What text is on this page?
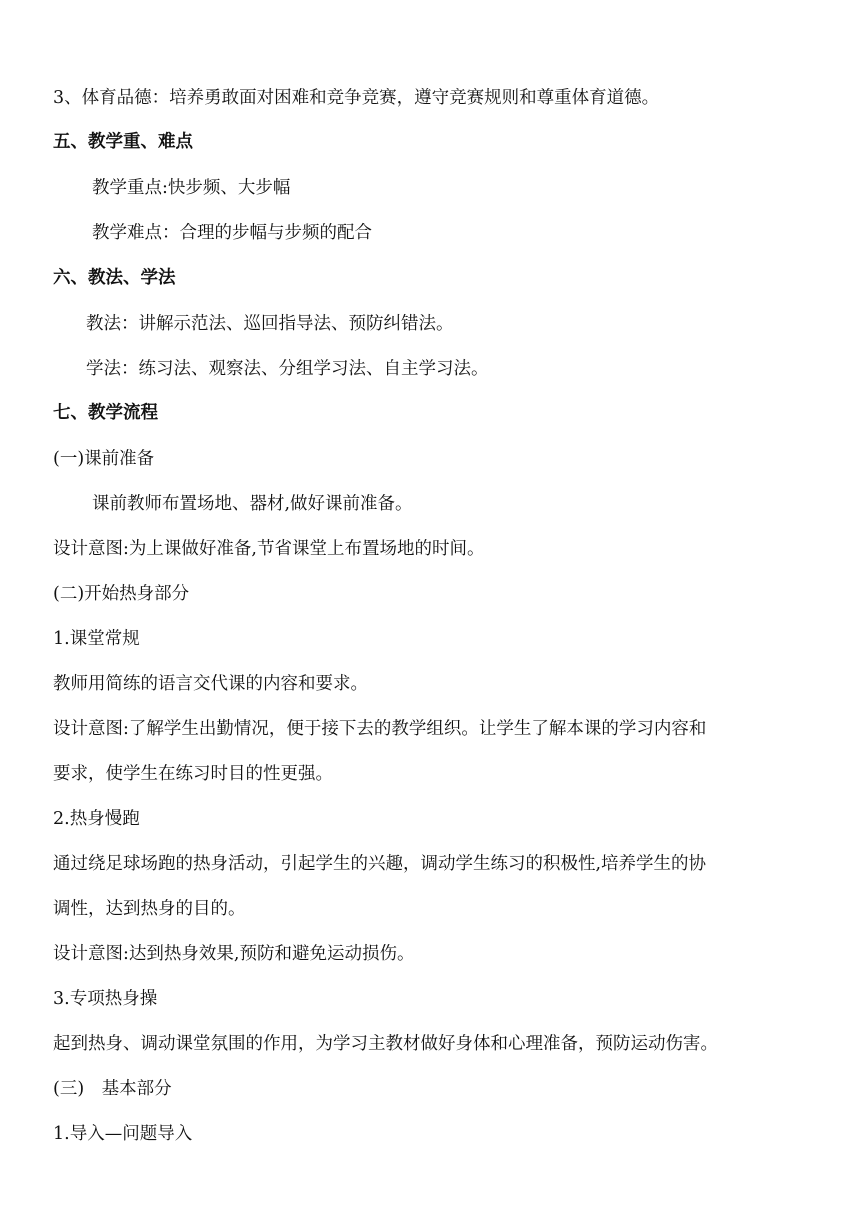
3、体育品德：培养勇敢面对困难和竞争竞赛，遵守竞赛规则和尊重体育道德。
五、教学重、难点
教学重点:快步频、大步幅
教学难点：合理的步幅与步频的配合
六、教法、学法
教法：讲解示范法、巡回指导法、预防纠错法。
学法：练习法、观察法、分组学习法、自主学习法。
七、教学流程
(一)课前准备
课前教师布置场地、器材,做好课前准备。
设计意图:为上课做好准备,节省课堂上布置场地的时间。
(二)开始热身部分
1.课堂常规
教师用简练的语言交代课的内容和要求。
设计意图:了解学生出勤情况，便于接下去的教学组织。让学生了解本课的学习内容和
要求，使学生在练习时目的性更强。
2.热身慢跑
通过绕足球场跑的热身活动，引起学生的兴趣，调动学生练习的积极性,培养学生的协
调性，达到热身的目的。
设计意图:达到热身效果,预防和避免运动损伤。
3.专项热身操
起到热身、调动课堂氛围的作用，为学习主教材做好身体和心理准备，预防运动伤害。
(三)　基本部分
1.导入—问题导入
